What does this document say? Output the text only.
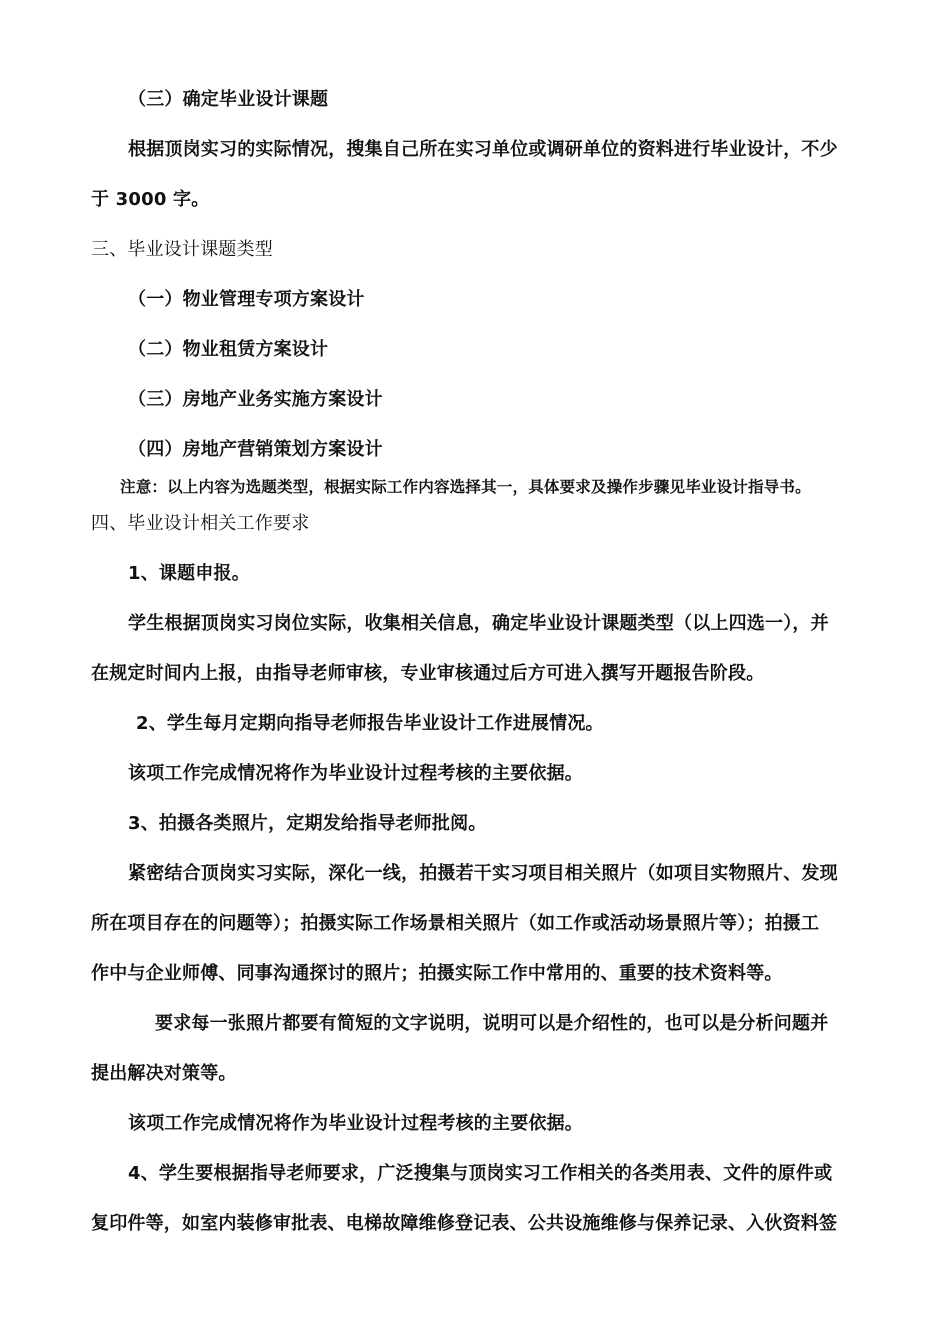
（三）确定毕业设计课题
根据顶岗实习的实际情况，搜集自己所在实习单位或调研单位的资料进行毕业设计，不少
于 3000 字。
三、毕业设计课题类型
（一）物业管理专项方案设计
（二）物业租赁方案设计
（三）房地产业务实施方案设计
（四）房地产营销策划方案设计
注意：以上内容为选题类型，根据实际工作内容选择其一，具体要求及操作步骤见毕业设计指导书。
四、毕业设计相关工作要求
1、课题申报。
学生根据顶岗实习岗位实际，收集相关信息，确定毕业设计课题类型（以上四选一），并
在规定时间内上报，由指导老师审核，专业审核通过后方可进入撰写开题报告阶段。
2、学生每月定期向指导老师报告毕业设计工作进展情况。
该项工作完成情况将作为毕业设计过程考核的主要依据。
3、拍摄各类照片，定期发给指导老师批阅。
紧密结合顶岗实习实际，深化一线，拍摄若干实习项目相关照片（如项目实物照片、发现
所在项目存在的问题等）；拍摄实际工作场景相关照片（如工作或活动场景照片等）；拍摄工
作中与企业师傅、同事沟通探讨的照片；拍摄实际工作中常用的、重要的技术资料等。
要求每一张照片都要有简短的文字说明，说明可以是介绍性的，也可以是分析问题并
提出解决对策等。
该项工作完成情况将作为毕业设计过程考核的主要依据。
4、学生要根据指导老师要求，广泛搜集与顶岗实习工作相关的各类用表、文件的原件或
复印件等，如室内装修审批表、电梯故障维修登记表、公共设施维修与保养记录、入伙资料签
